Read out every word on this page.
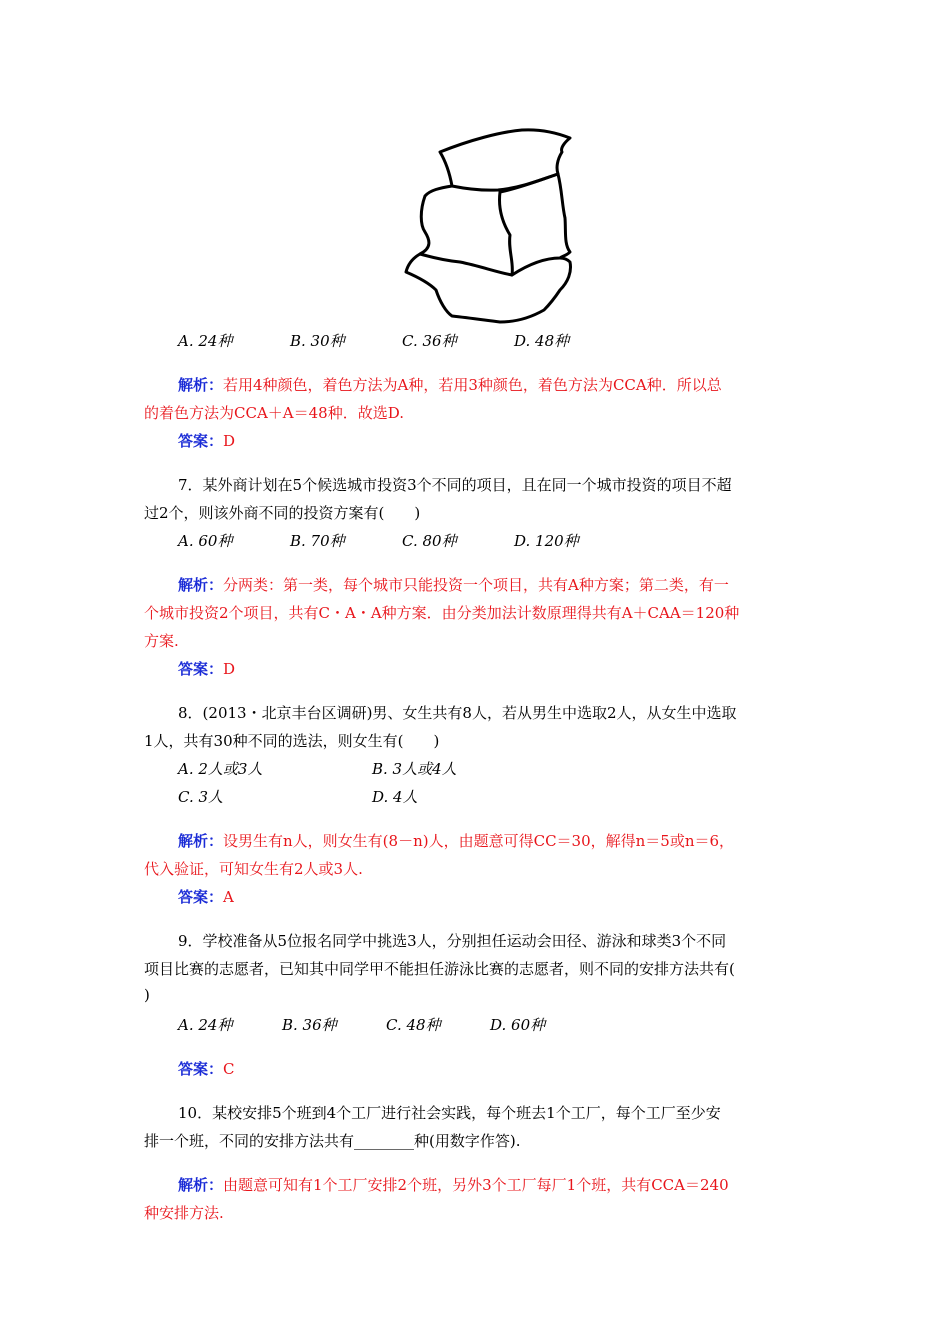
A. 24种	B. 30种	C. 36种	D. 48种
解析：若用4种颜色，着色方法为A种，若用3种颜色，着色方法为CCA种．所以总
的着色方法为CCA＋A＝48种．故选D.
答案：D
7．某外商计划在5个候选城市投资3个不同的项目，且在同一个城市投资的项目不超
过2个，则该外商不同的投资方案有(　　)
A. 60种	B. 70种	C. 80种	D. 120种
解析：分两类：第一类，每个城市只能投资一个项目，共有A种方案；第二类，有一
个城市投资2个项目，共有C・A・A种方案．由分类加法计数原理得共有A＋CAA＝120种
方案.
答案：D
8．(2013・北京丰台区调研)男、女生共有8人，若从男生中选取2人，从女生中选取
1人，共有30种不同的选法，则女生有(　　)
A. 2人或3人	B. 3人或4人
C. 3人	D. 4人
解析：设男生有n人，则女生有(8－n)人，由题意可得CC＝30，解得n＝5或n＝6，
代入验证，可知女生有2人或3人.
答案：A
9．学校准备从5位报名同学中挑选3人，分别担任运动会田径、游泳和球类3个不同
项目比赛的志愿者，已知其中同学甲不能担任游泳比赛的志愿者，则不同的安排方法共有(
)
A. 24种	B. 36种	C. 48种	D. 60种
答案：C
10．某校安排5个班到4个工厂进行社会实践，每个班去1个工厂，每个工厂至少安
排一个班，不同的安排方法共有________种(用数字作答).
解析：由题意可知有1个工厂安排2个班，另外3个工厂每厂1个班，共有CCA＝240
种安排方法.
